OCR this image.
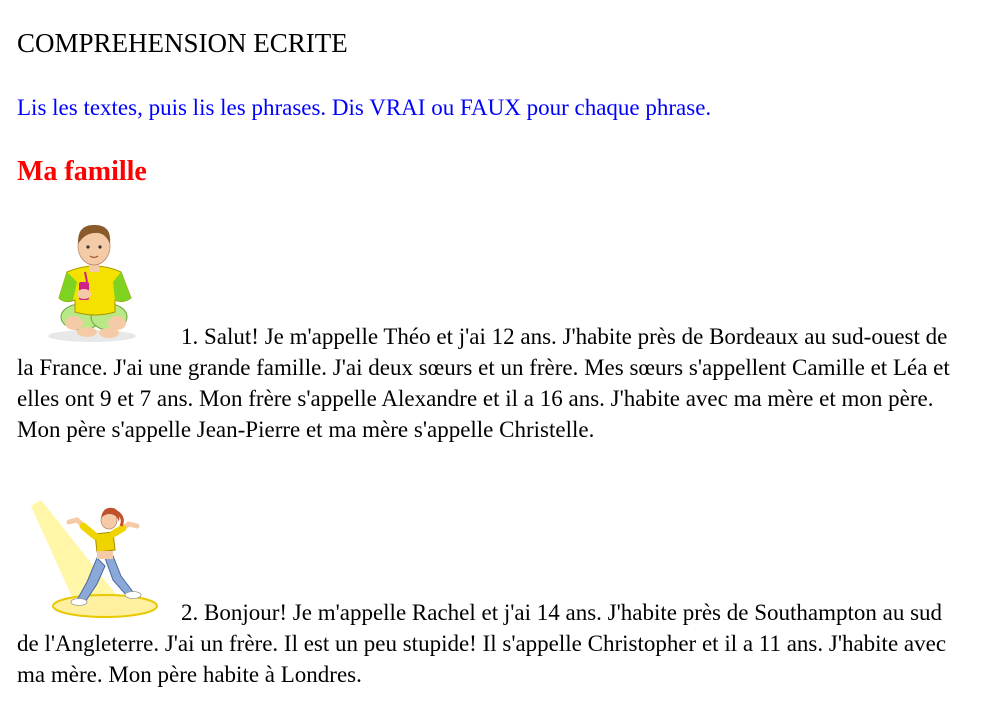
COMPREHENSION ECRITE

Lis les textes, puis lis les phrases. Dis VRAI ou FAUX pour chaque phrase.

Ma famille

1. Salut! Je m'appelle Théo et j'ai 12 ans. J'habite près de Bordeaux au sud-ouest de la France. J'ai une grande famille. J'ai deux sœurs et un frère. Mes sœurs s'appellent Camille et Léa et elles ont 9 et 7 ans. Mon frère s'appelle Alexandre et il a 16 ans. J'habite avec ma mère et mon père. Mon père s'appelle Jean-Pierre et ma mère s'appelle Christelle.

2. Bonjour! Je m'appelle Rachel et j'ai 14 ans. J'habite près de Southampton au sud de l'Angleterre. J'ai un frère. Il est un peu stupide! Il s'appelle Christopher et il a 11 ans. J'habite avec ma mère. Mon père habite à Londres.
